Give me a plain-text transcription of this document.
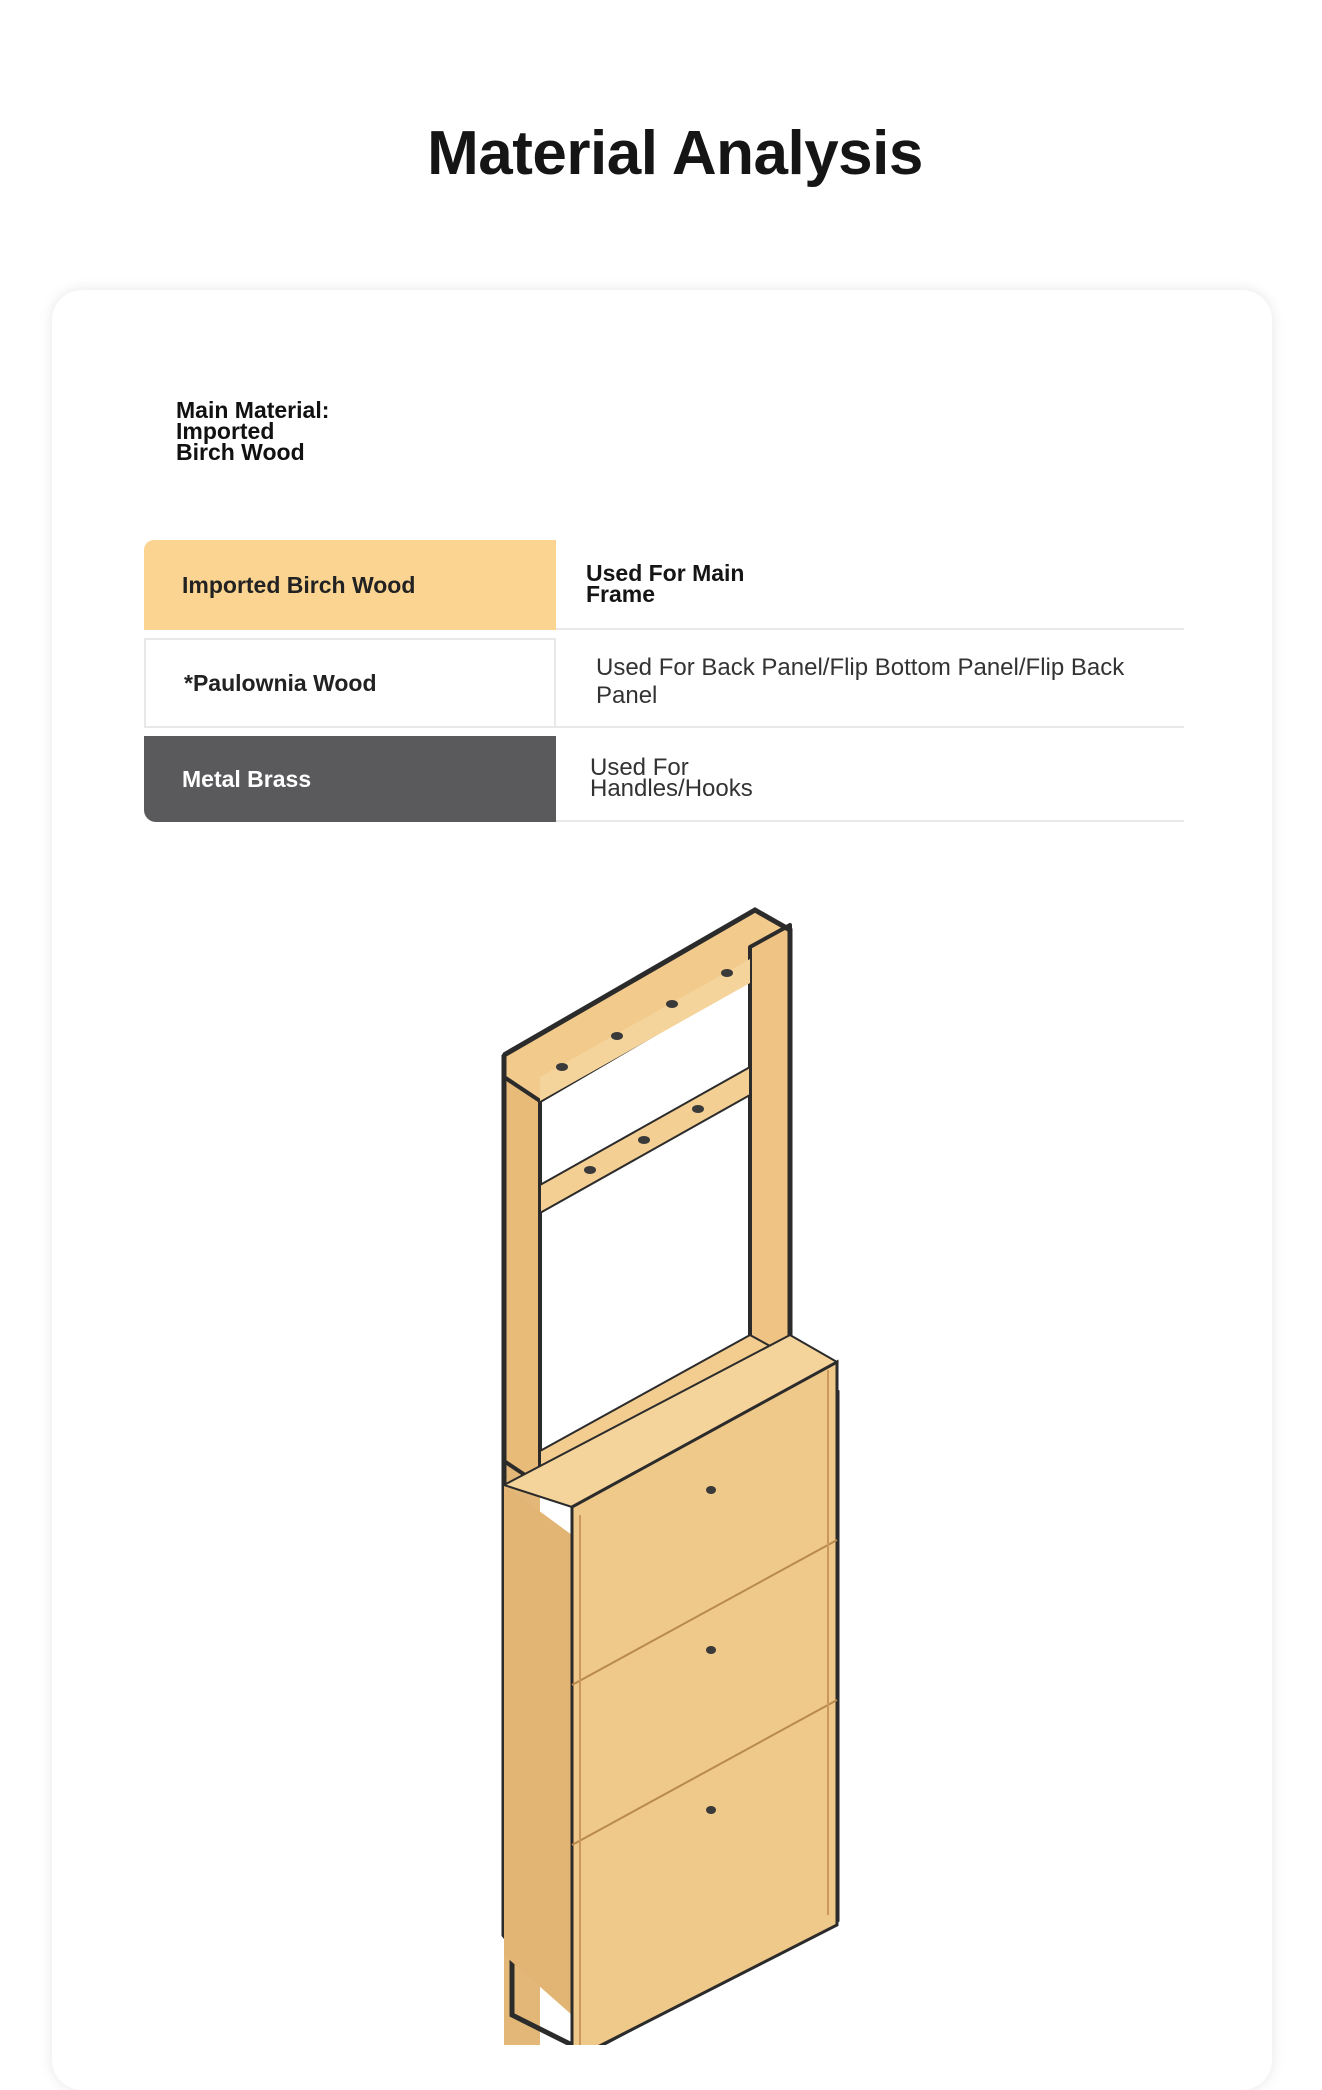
Material Analysis
Main Material: Imported Birch Wood
Imported Birch Wood	Used For Main Frame
*Paulownia Wood
Used For Back Panel/Flip Bottom Panel/Flip Back Panel
Metal Brass	Used For Handles/Hooks
